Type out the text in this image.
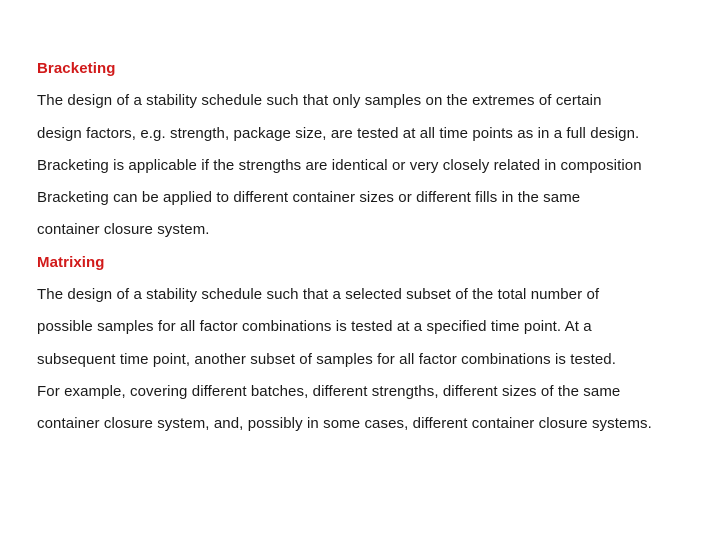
Bracketing
The design of a stability schedule such that only samples on the extremes of certain
design factors, e.g. strength, package size, are tested at all time points as in a full design.
Bracketing is applicable if the strengths are identical or very closely related in composition
Bracketing can be applied to different container sizes or different fills in the same
container closure system.
Matrixing
The design of a stability schedule such that a selected subset of the total number of
possible samples for all factor combinations is tested at a specified time point. At a
subsequent time point, another subset of samples for all factor combinations is tested.
For example, covering different batches, different strengths, different sizes of the same
container closure system, and, possibly in some cases, different container closure systems.
